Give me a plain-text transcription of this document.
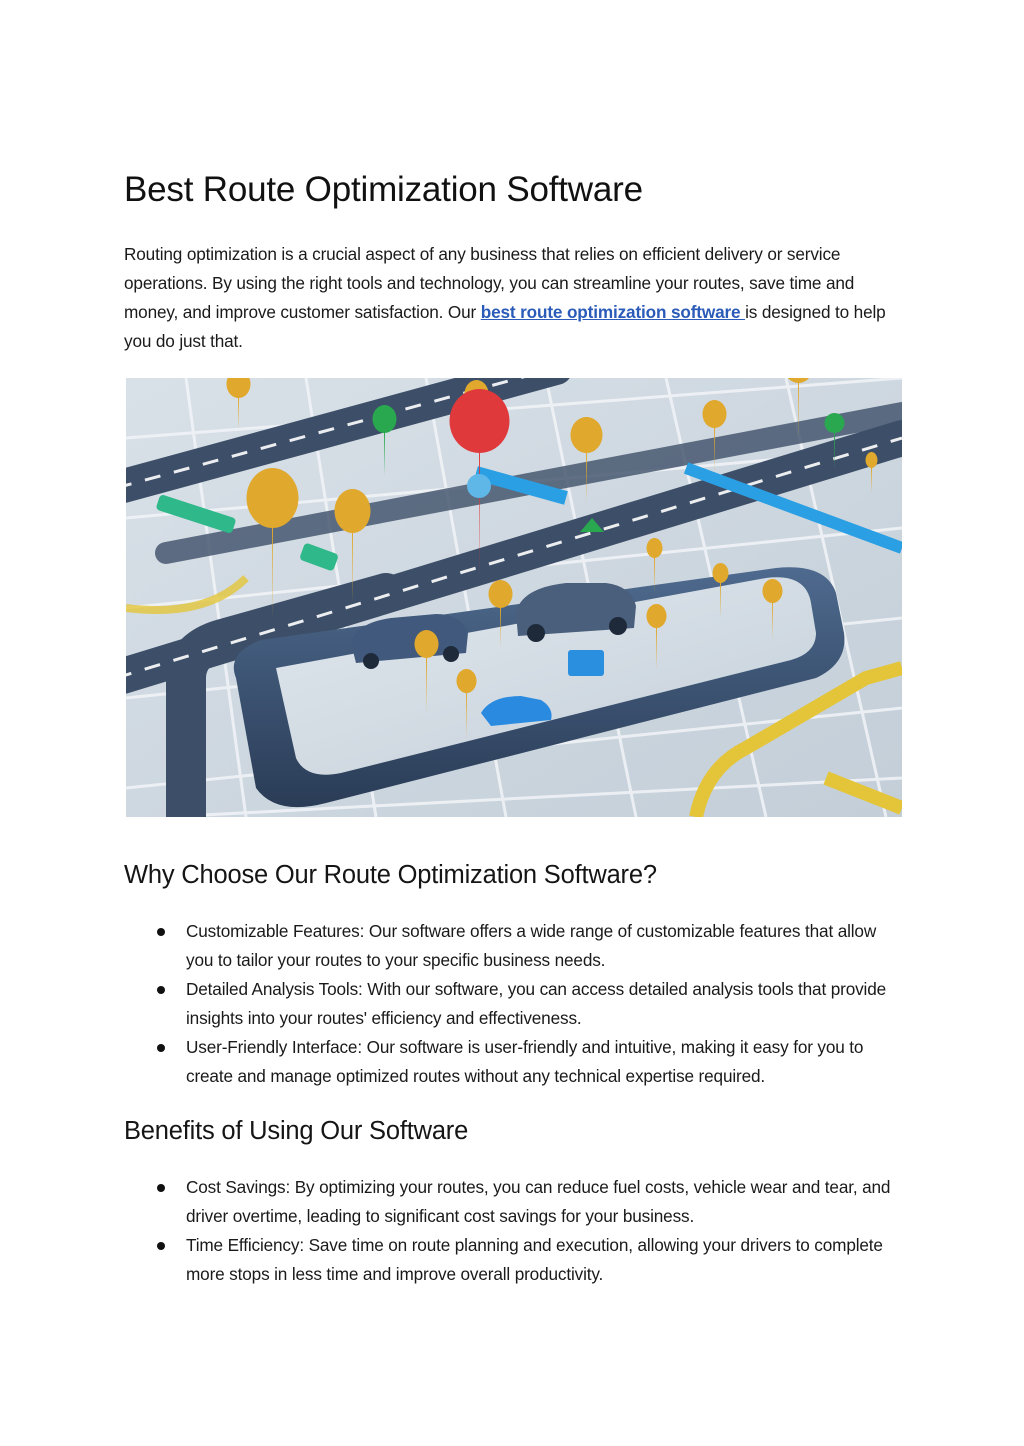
Best Route Optimization Software

Routing optimization is a crucial aspect of any business that relies on efficient delivery or service operations. By using the right tools and technology, you can streamline your routes, save time and money, and improve customer satisfaction. Our best route optimization software is designed to help you do just that.

Why Choose Our Route Optimization Software?
Customizable Features: Our software offers a wide range of customizable features that allow you to tailor your routes to your specific business needs.
Detailed Analysis Tools: With our software, you can access detailed analysis tools that provide insights into your routes' efficiency and effectiveness.
User-Friendly Interface: Our software is user-friendly and intuitive, making it easy for you to create and manage optimized routes without any technical expertise required.
Benefits of Using Our Software
Cost Savings: By optimizing your routes, you can reduce fuel costs, vehicle wear and tear, and driver overtime, leading to significant cost savings for your business.
Time Efficiency: Save time on route planning and execution, allowing your drivers to complete more stops in less time and improve overall productivity.
